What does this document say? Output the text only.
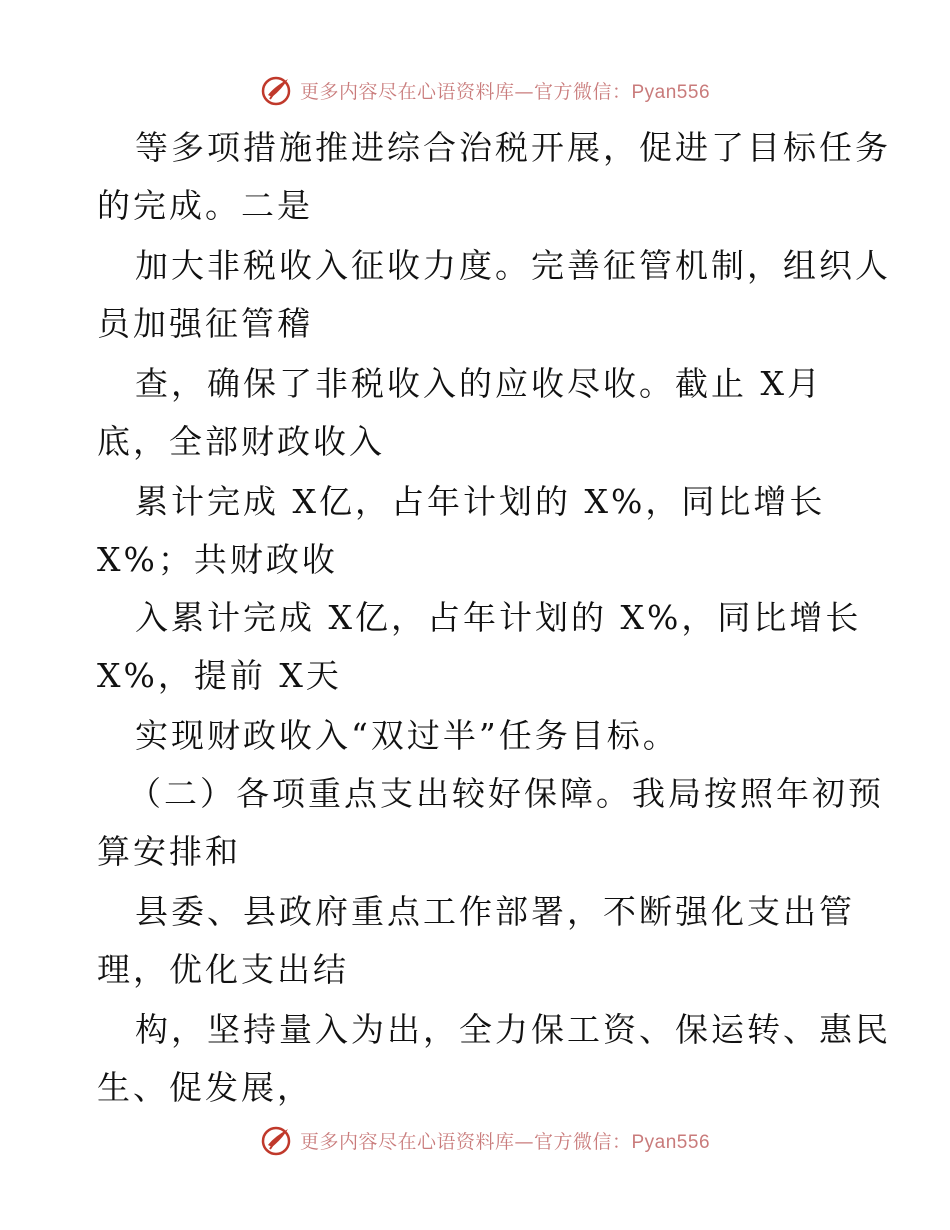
更多内容尽在心语资料库—官方微信：Pyan556
等多项措施推进综合治税开展，促进了目标任务
的完成。二是
加大非税收入征收力度。完善征管机制，组织人
员加强征管稽
查，确保了非税收入的应收尽收。截止 X月
底，全部财政收入
累计完成 X亿，占年计划的 X%，同比增长
X%；共财政收
入累计完成 X亿，占年计划的 X%，同比增长
X%，提前 X天
实现财政收入“双过半”任务目标。
（二）各项重点支出较好保障。我局按照年初预
算安排和
县委、县政府重点工作部署，不断强化支出管
理，优化支出结
构，坚持量入为出，全力保工资、保运转、惠民
生、促发展，
更多内容尽在心语资料库—官方微信：Pyan556
